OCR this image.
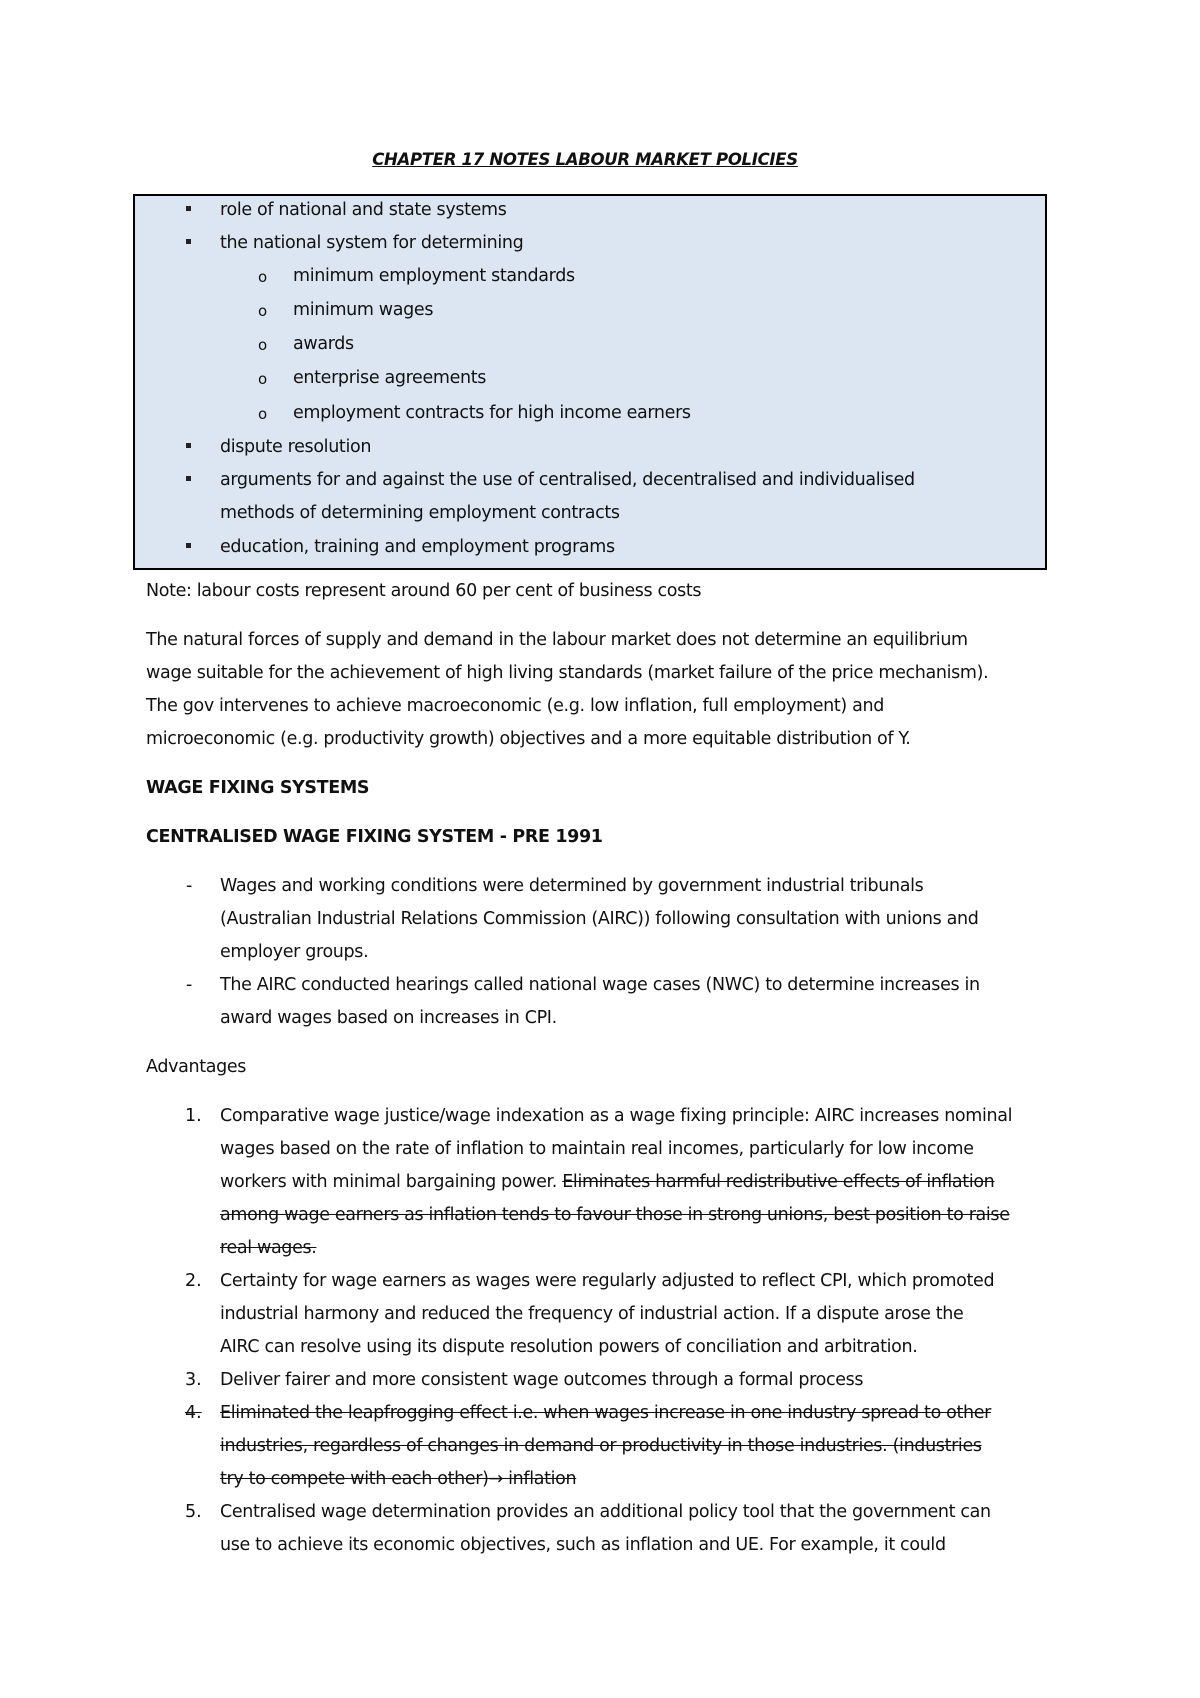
CHAPTER 17 NOTES LABOUR MARKET POLICIES
role of national and state systems
the national system for determining
o minimum employment standards
o minimum wages
o awards
o enterprise agreements
o employment contracts for high income earners
dispute resolution
arguments for and against the use of centralised, decentralised and individualised
methods of determining employment contracts
education, training and employment programs
Note: labour costs represent around 60 per cent of business costs
The natural forces of supply and demand in the labour market does not determine an equilibrium
wage suitable for the achievement of high living standards (market failure of the price mechanism).
The gov intervenes to achieve macroeconomic (e.g. low inflation, full employment) and
microeconomic (e.g. productivity growth) objectives and a more equitable distribution of Y.
WAGE FIXING SYSTEMS
CENTRALISED WAGE FIXING SYSTEM - PRE 1991
- Wages and working conditions were determined by government industrial tribunals
(Australian Industrial Relations Commission (AIRC)) following consultation with unions and
employer groups.
- The AIRC conducted hearings called national wage cases (NWC) to determine increases in
award wages based on increases in CPI.
Advantages
1. Comparative wage justice/wage indexation as a wage fixing principle: AIRC increases nominal
wages based on the rate of inflation to maintain real incomes, particularly for low income
workers with minimal bargaining power. Eliminates harmful redistributive effects of inflation
among wage earners as inflation tends to favour those in strong unions, best position to raise
real wages.
2. Certainty for wage earners as wages were regularly adjusted to reflect CPI, which promoted
industrial harmony and reduced the frequency of industrial action. If a dispute arose the
AIRC can resolve using its dispute resolution powers of conciliation and arbitration.
3. Deliver fairer and more consistent wage outcomes through a formal process
4. Eliminated the leapfrogging effect i.e. when wages increase in one industry spread to other
industries, regardless of changes in demand or productivity in those industries. (industries
try to compete with each other)→ inflation
5. Centralised wage determination provides an additional policy tool that the government can
use to achieve its economic objectives, such as inflation and UE. For example, it could
